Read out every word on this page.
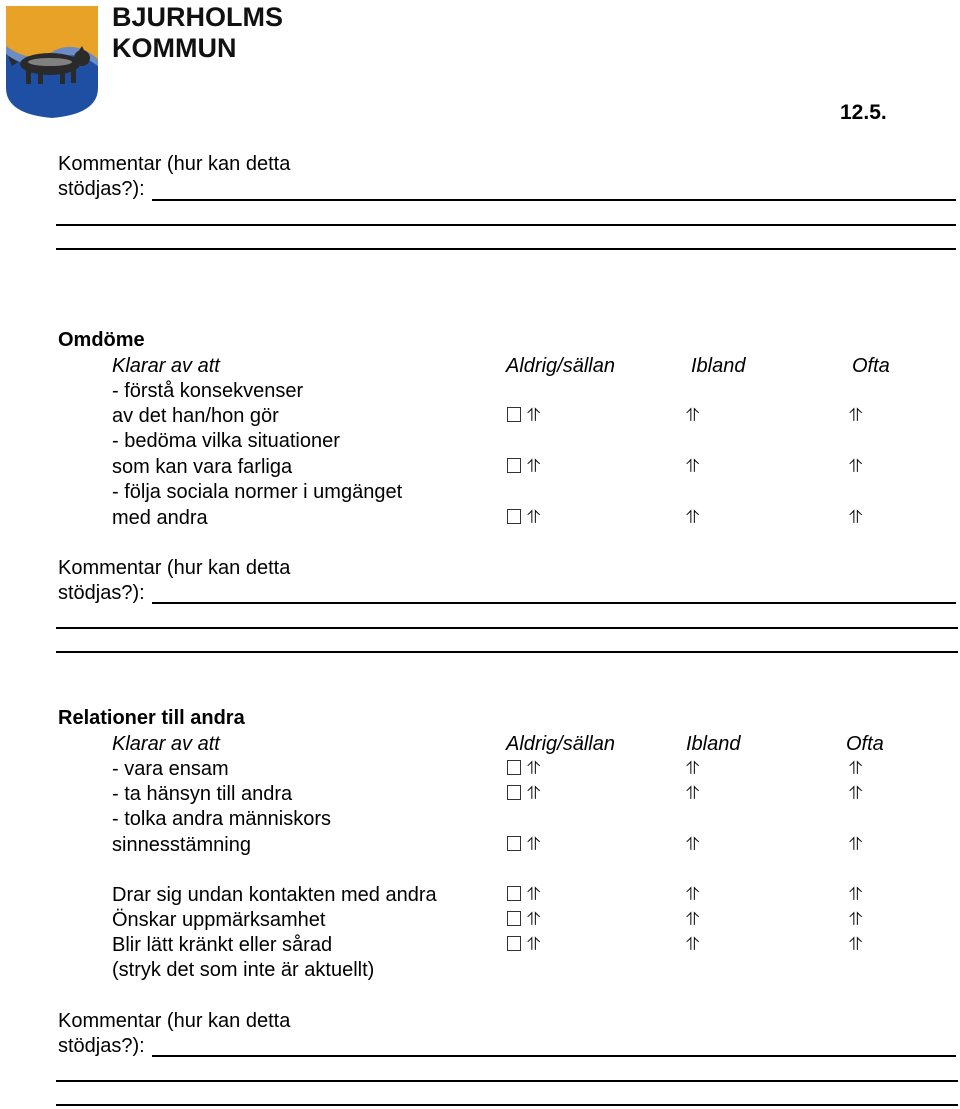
BJURHOLMS
KOMMUN
12.5.
Kommentar (hur kan detta
stödjas?):
Omdöme
Klarar av att	Aldrig/sällan	Ibland	Ofta
- förstå konsekvenser
av det han/hon gör	⥣	⥣	⥣
- bedöma vilka situationer
som kan vara farliga	⥣	⥣	⥣
- följa sociala normer i umgänget
med andra	⥣	⥣	⥣
Kommentar (hur kan detta
stödjas?):
Relationer till andra
Klarar av att	Aldrig/sällan	Ibland	Ofta
- vara ensam	⥣	⥣	⥣
- ta hänsyn till andra	⥣	⥣	⥣
- tolka andra människors
sinnesstämning	⥣	⥣	⥣
Drar sig undan kontakten med andra	⥣	⥣	⥣
Önskar uppmärksamhet	⥣	⥣	⥣
Blir lätt kränkt eller sårad	⥣	⥣	⥣
(stryk det som inte är aktuellt)
Kommentar (hur kan detta
stödjas?):
